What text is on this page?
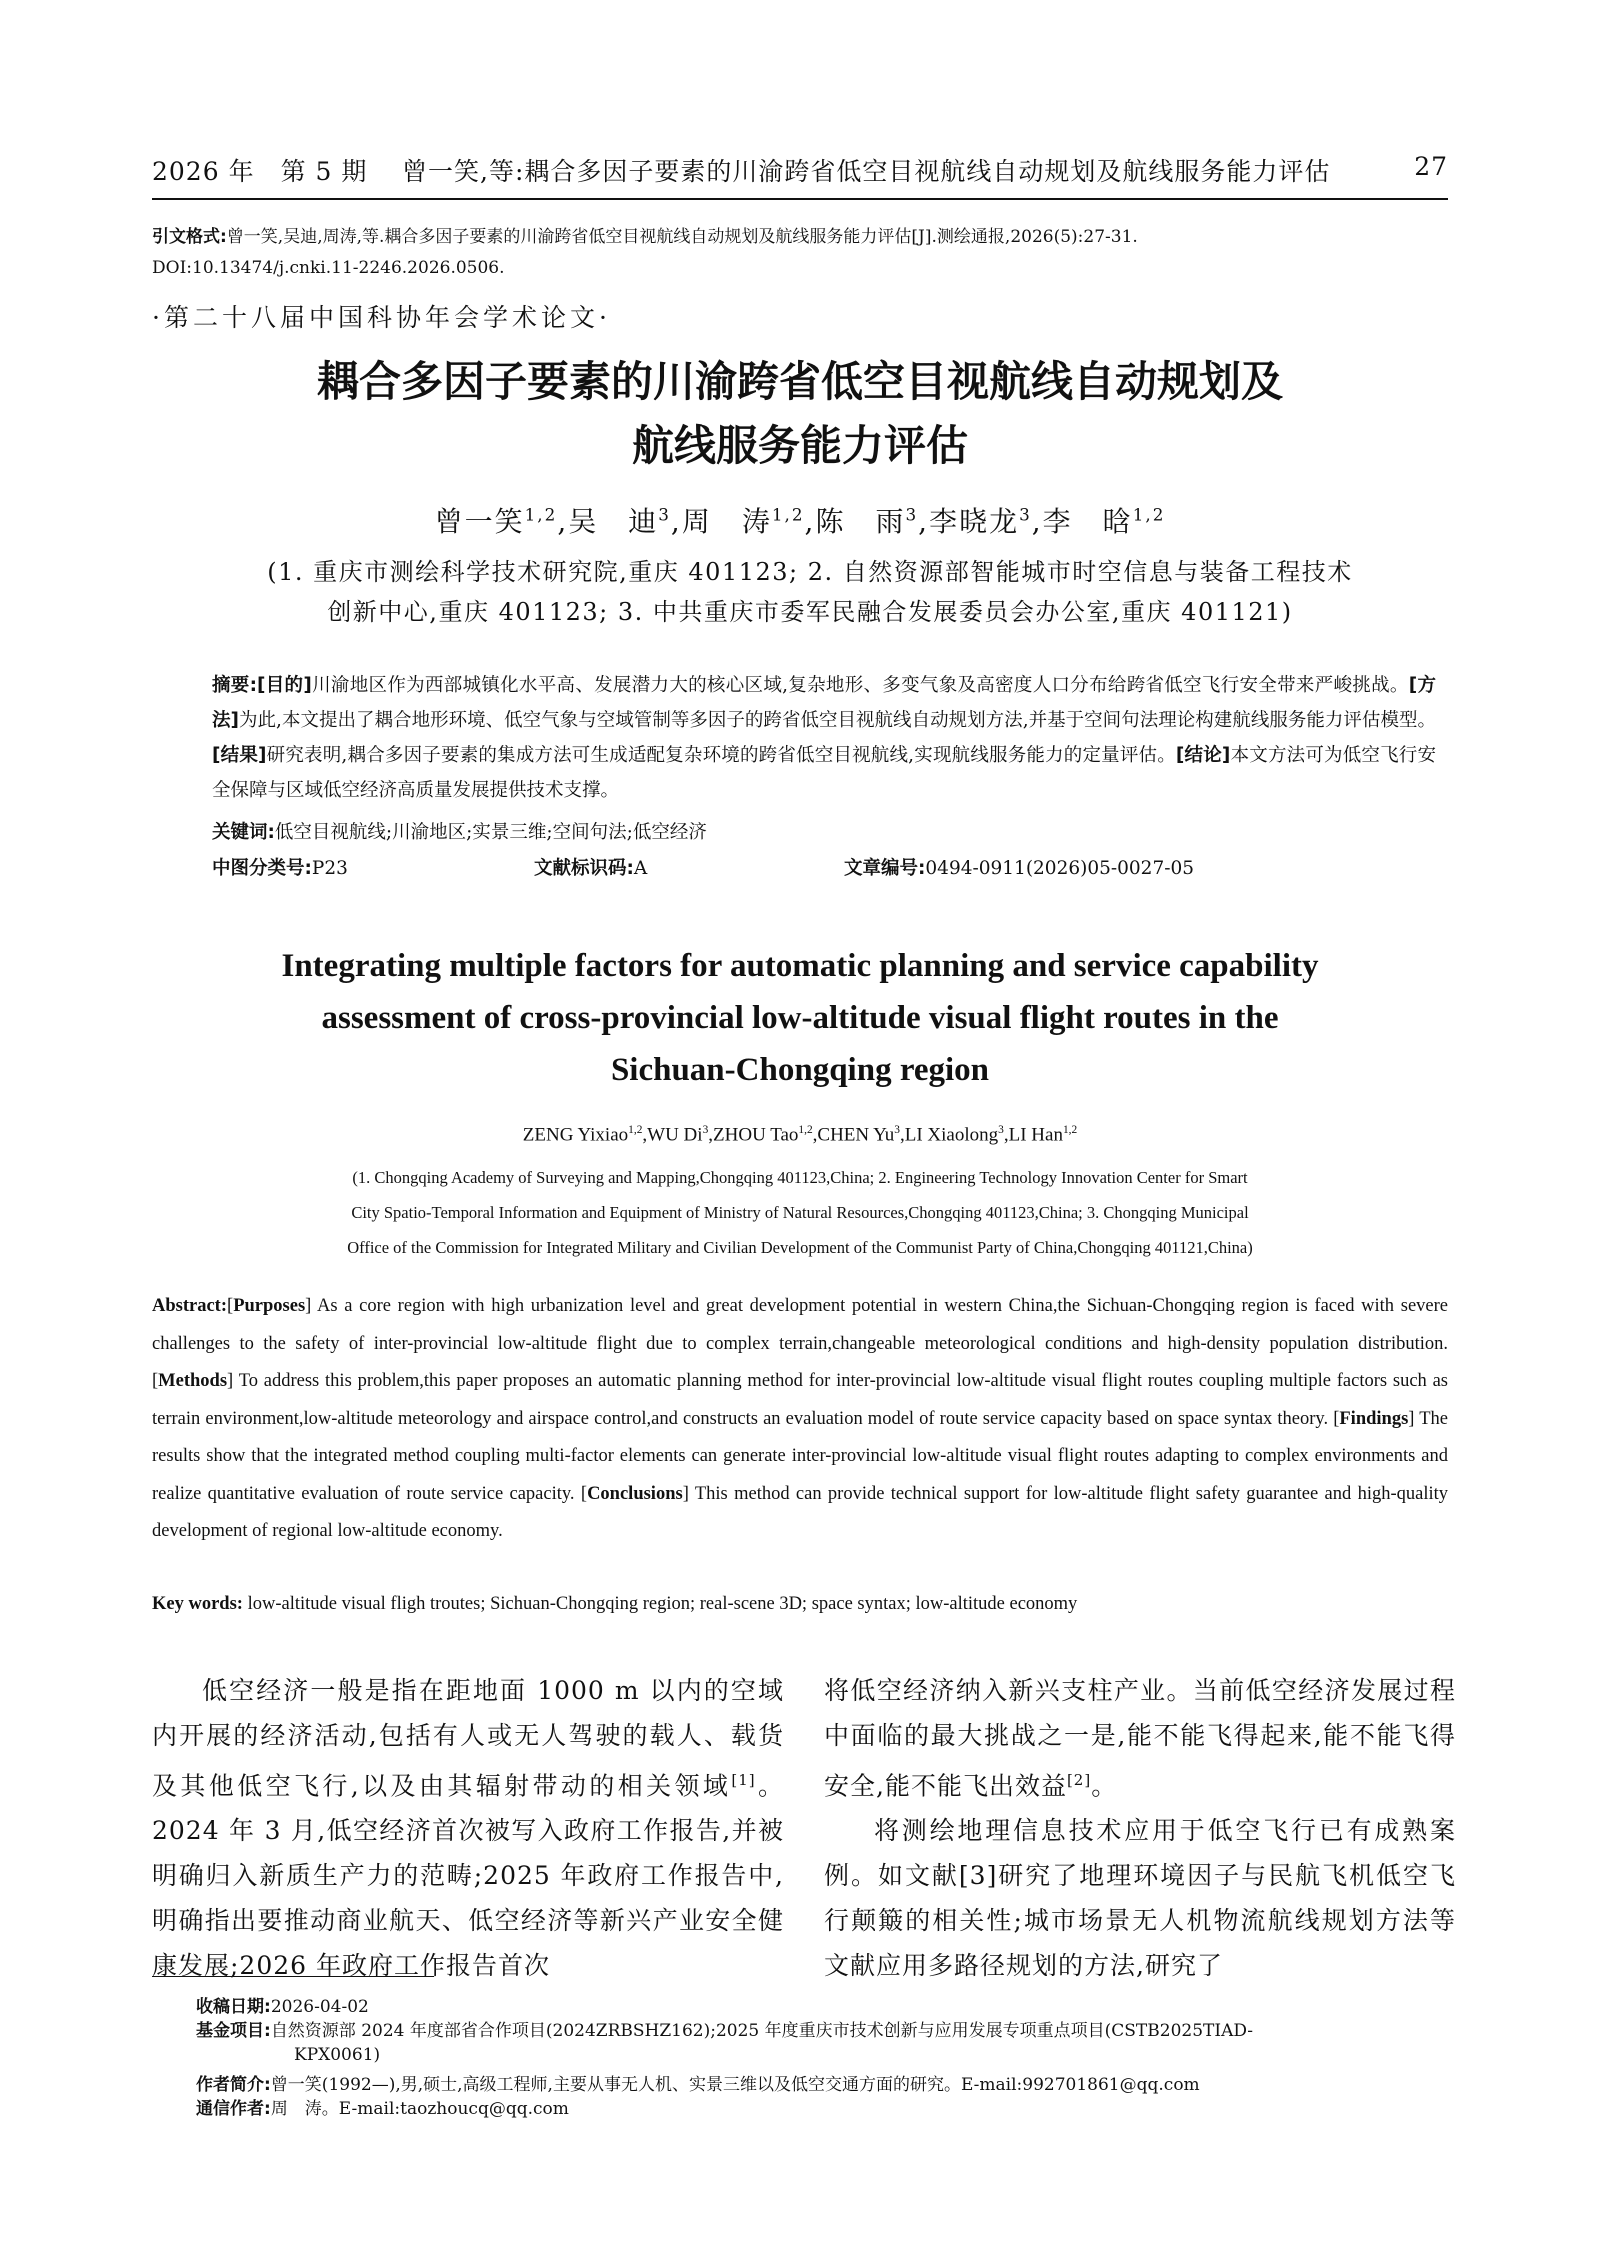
2026 年　第 5 期 曾一笑,等:耦合多因子要素的川渝跨省低空目视航线自动规划及航线服务能力评估	27
引文格式:曾一笑,吴迪,周涛,等.耦合多因子要素的川渝跨省低空目视航线自动规划及航线服务能力评估[J].测绘通报,2026(5):27-31.
DOI:10.13474/j.cnki.11-2246.2026.0506.
·第二十八届中国科协年会学术论文·
耦合多因子要素的川渝跨省低空目视航线自动规划及
航线服务能力评估
曾一笑$^{1,2}$,吴　迪$^3$,周　涛$^{1,2}$,陈　雨$^3$,李晓龙$^3$,李　晗$^{1,2}$
(1. 重庆市测绘科学技术研究院,重庆 401123; 2. 自然资源部智能城市时空信息与装备工程技术
创新中心,重庆 401123; 3. 中共重庆市委军民融合发展委员会办公室,重庆 401121)
摘要:[目的]川渝地区作为西部城镇化水平高、发展潜力大的核心区域,复杂地形、多变气象及高密度人口分布给跨省低空飞行安全带来严峻挑战。[方法]为此,本文提出了耦合地形环境、低空气象与空域管制等多因子的跨省低空目视航线自动规划方法,并基于空间句法理论构建航线服务能力评估模型。[结果]研究表明,耦合多因子要素的集成方法可生成适配复杂环境的跨省低空目视航线,实现航线服务能力的定量评估。[结论]本文方法可为低空飞行安全保障与区域低空经济高质量发展提供技术支撑。
关键词:低空目视航线;川渝地区;实景三维;空间句法;低空经济
中图分类号:P23	文献标识码:A	文章编号:0494-0911(2026)05-0027-05
Integrating multiple factors for automatic planning and service capability
assessment of cross-provincial low-altitude visual flight routes in the
Sichuan-Chongqing region
ZENG Yixiao$^{1,2}$,WU Di$^3$,ZHOU Tao$^{1,2}$,CHEN Yu$^3$,LI Xiaolong$^3$,LI Han$^{1,2}$
(1. Chongqing Academy of Surveying and Mapping,Chongqing 401123,China; 2. Engineering Technology Innovation Center for Smart
City Spatio-Temporal Information and Equipment of Ministry of Natural Resources,Chongqing 401123,China; 3. Chongqing Municipal
Office of the Commission for Integrated Military and Civilian Development of the Communist Party of China,Chongqing 401121,China)
Abstract:[Purposes] As a core region with high urbanization level and great development potential in western China,the Sichuan-Chongqing region is faced with severe challenges to the safety of inter-provincial low-altitude flight due to complex terrain,changeable meteorological conditions and high-density population distribution. [Methods] To address this problem,this paper proposes an automatic planning method for inter-provincial low-altitude visual flight routes coupling multiple factors such as terrain environment,low-altitude meteorology and airspace control,and constructs an evaluation model of route service capacity based on space syntax theory. [Findings] The results show that the integrated method coupling multi-factor elements can generate inter-provincial low-altitude visual flight routes adapting to complex environments and realize quantitative evaluation of route service capacity. [Conclusions] This method can provide technical support for low-altitude flight safety guarantee and high-quality development of regional low-altitude economy.
Key words: low-altitude visual fligh troutes; Sichuan-Chongqing region; real-scene 3D; space syntax; low-altitude economy

低空经济一般是指在距地面 1000 m 以内的空域内开展的经济活动,包括有人或无人驾驶的载人、载货及其他低空飞行,以及由其辐射带动的相关领域[1]。2024 年 3 月,低空经济首次被写入政府工作报告,并被明确归入新质生产力的范畴;2025 年政府工作报告中,明确指出要推动商业航天、低空经济等新兴产业安全健康发展;2026 年政府工作报告首次

将低空经济纳入新兴支柱产业。当前低空经济发展过程中面临的最大挑战之一是,能不能飞得起来,能不能飞得安全,能不能飞出效益[2]。

将测绘地理信息技术应用于低空飞行已有成熟案例。如文献[3]研究了地理环境因子与民航飞机低空飞行颠簸的相关性;城市场景无人机物流航线规划方法等文献应用多路径规划的方法,研究了

收稿日期:2026-04-02
基金项目:自然资源部 2024 年度部省合作项目(2024ZRBSHZ162);2025 年度重庆市技术创新与应用发展专项重点项目(CSTB2025TIAD-
KPX0061)
作者简介:曾一笑(1992—),男,硕士,高级工程师,主要从事无人机、实景三维以及低空交通方面的研究。E-mail:992701861@qq.com
通信作者:周　涛。E-mail:taozhoucq@qq.com
